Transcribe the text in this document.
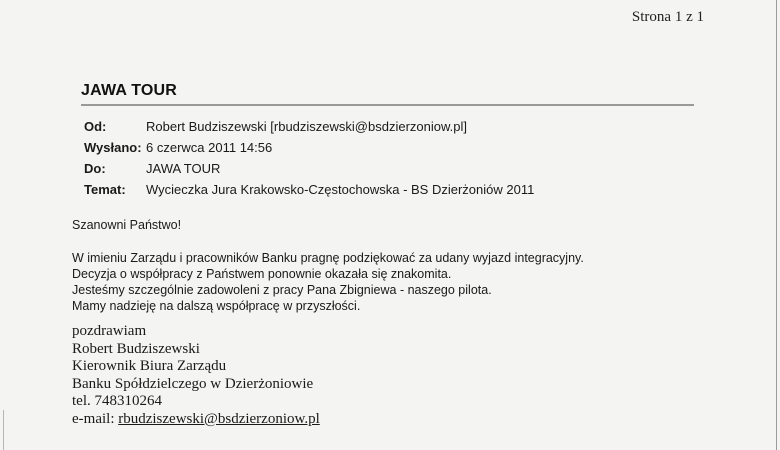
Strona 1 z 1
JAWA TOUR
Od:	Robert Budziszewski [rbudziszewski@bsdzierzoniow.pl]
Wysłano: 6 czerwca 2011 14:56
Do:	JAWA TOUR
Temat: Wycieczka Jura Krakowsko-Częstochowska - BS Dzierżoniów 2011
Szanowni Państwo!
W imieniu Zarządu i pracowników Banku pragnę podziękować za udany wyjazd integracyjny.
Decyzja o współpracy z Państwem ponownie okazała się znakomita.
Jesteśmy szczególnie zadowoleni z pracy Pana Zbigniewa - naszego pilota.
Mamy nadzieję na dalszą współpracę w przyszłości.
pozdrawiam
Robert Budziszewski
Kierownik Biura Zarządu
Banku Spółdzielczego w Dzierżoniowie
tel. 748310264
e-mail: rbudziszewski@bsdzierzoniow.pl
